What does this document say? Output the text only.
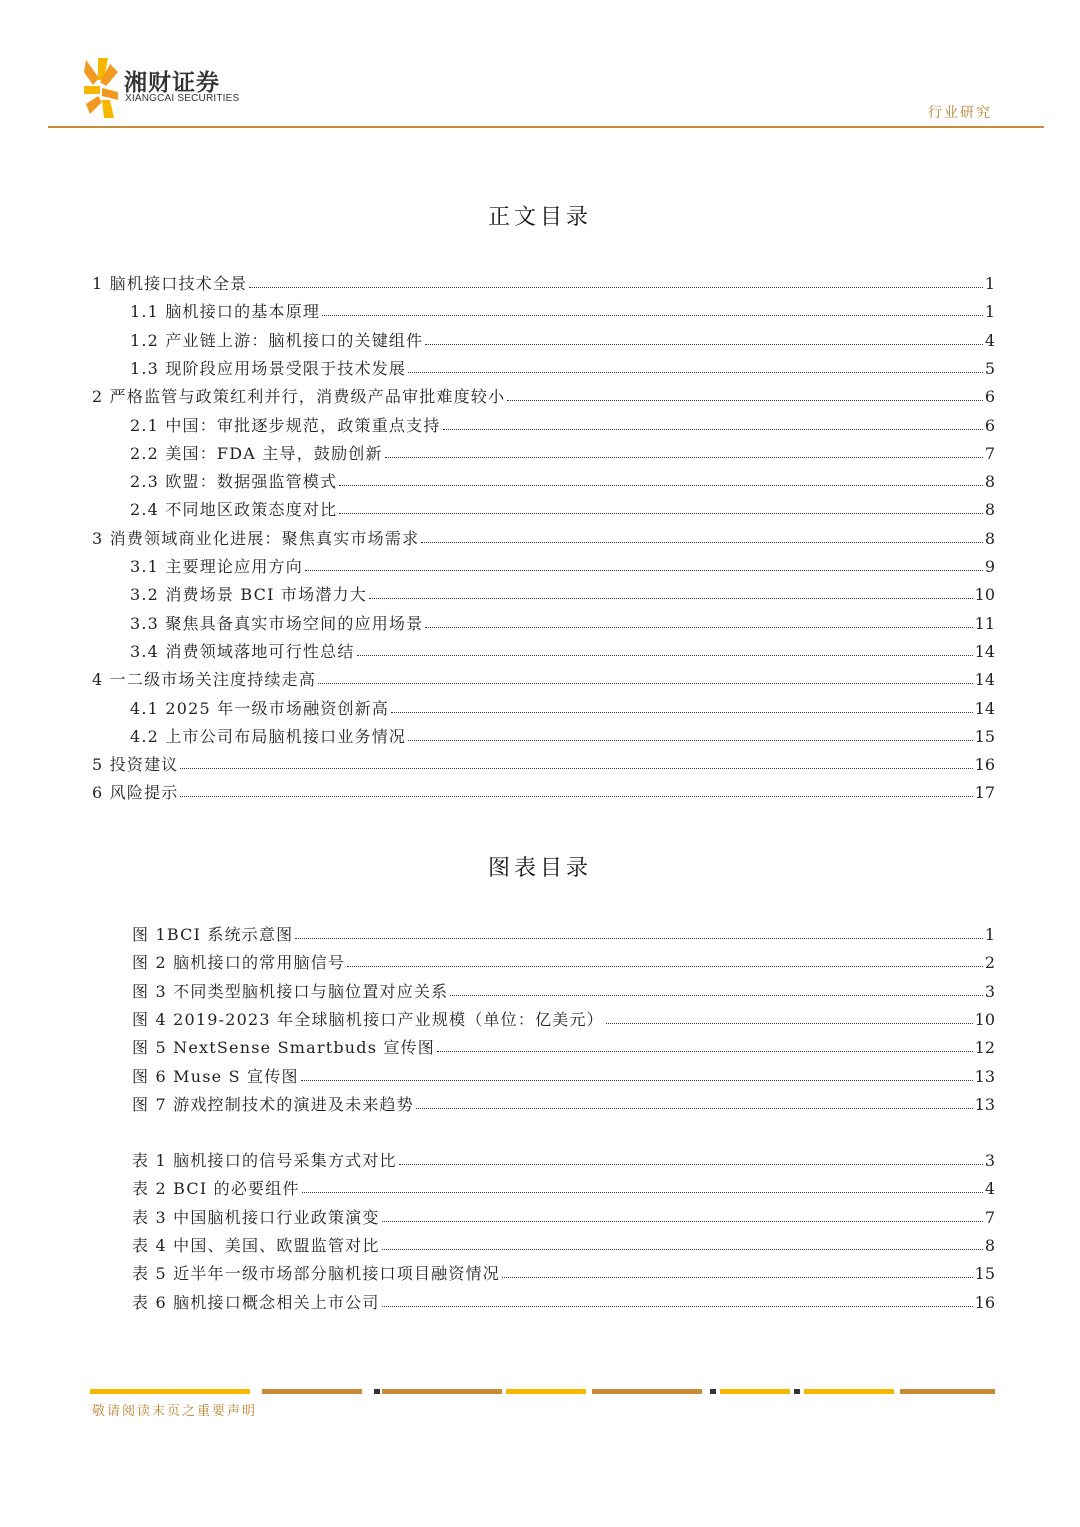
湘财证券
XIANGCAI SECURITIES
行业研究
正文目录
1 脑机接口技术全景	1
1.1 脑机接口的基本原理	1
1.2 产业链上游：脑机接口的关键组件	4
1.3 现阶段应用场景受限于技术发展	5
2 严格监管与政策红利并行，消费级产品审批难度较小	6
2.1 中国：审批逐步规范，政策重点支持	6
2.2 美国：FDA 主导，鼓励创新	7
2.3 欧盟：数据强监管模式	8
2.4 不同地区政策态度对比	8
3 消费领域商业化进展：聚焦真实市场需求	8
3.1 主要理论应用方向	9
3.2 消费场景 BCI 市场潜力大	10
3.3 聚焦具备真实市场空间的应用场景	11
3.4 消费领域落地可行性总结	14
4 一二级市场关注度持续走高	14
4.1 2025 年一级市场融资创新高	14
4.2 上市公司布局脑机接口业务情况	15
5 投资建议	16
6 风险提示	17
图表目录
图 1BCI 系统示意图	1
图 2 脑机接口的常用脑信号	2
图 3 不同类型脑机接口与脑位置对应关系	3
图 4 2019-2023 年全球脑机接口产业规模（单位：亿美元）	10
图 5 NextSense Smartbuds 宣传图	12
图 6 Muse S 宣传图	13
图 7 游戏控制技术的演进及未来趋势	13
表 1 脑机接口的信号采集方式对比	3
表 2 BCI 的必要组件	4
表 3 中国脑机接口行业政策演变	7
表 4 中国、美国、欧盟监管对比	8
表 5 近半年一级市场部分脑机接口项目融资情况	15
表 6 脑机接口概念相关上市公司	16
敬请阅读末页之重要声明
